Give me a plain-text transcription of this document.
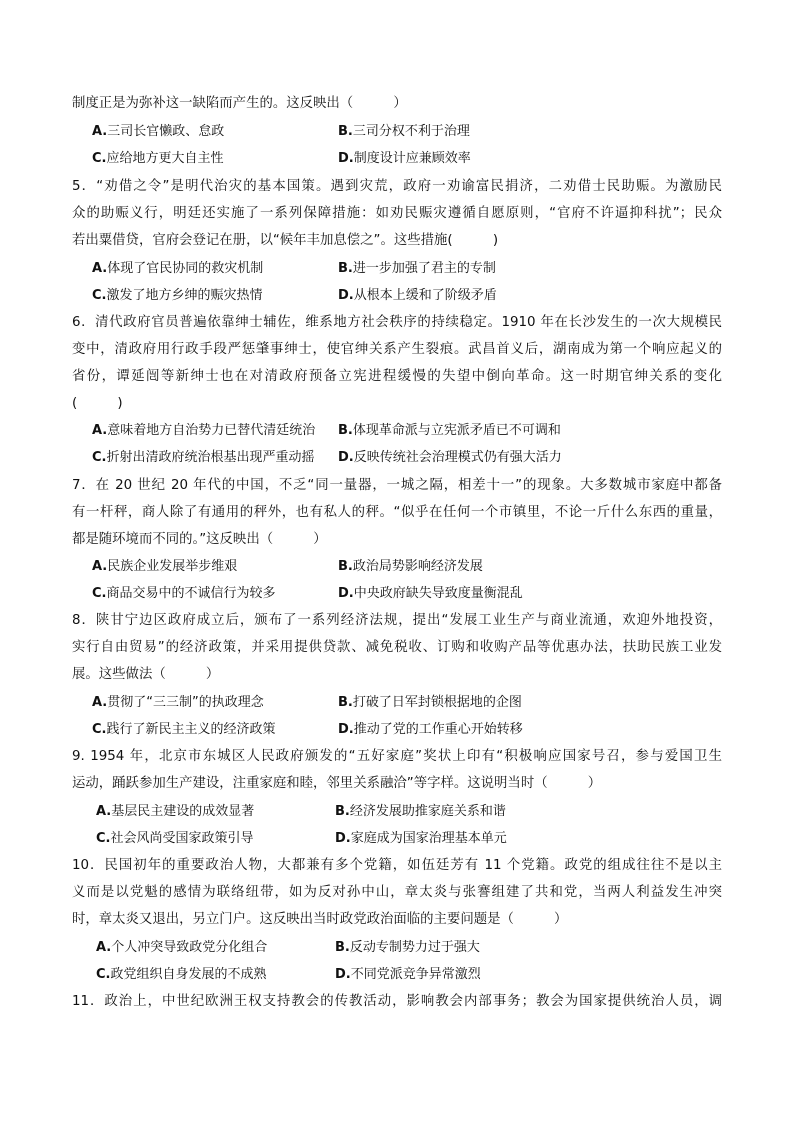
制度正是为弥补这一缺陷而产生的。这反映出（　　　）
A.三司长官懒政、怠政	B.三司分权不利于治理
C.应给地方更大自主性	D.制度设计应兼顾效率
5．“劝借之令”是明代治灾的基本国策。遇到灾荒，政府一劝谕富民捐济，二劝借士民助赈。为激励民
众的助赈义行，明廷还实施了一系列保障措施：如劝民赈灾遵循自愿原则，“官府不许逼抑科扰”；民众
若出粟借贷，官府会登记在册，以“候年丰加息偿之”。这些措施(　　　)
A.体现了官民协同的救灾机制	B.进一步加强了君主的专制
C.激发了地方乡绅的赈灾热情	D.从根本上缓和了阶级矛盾
6．清代政府官员普遍依靠绅士辅佐，维系地方社会秩序的持续稳定。1910 年在长沙发生的一次大规模民
变中，清政府用行政手段严惩肇事绅士，使官绅关系产生裂痕。武昌首义后，湖南成为第一个响应起义的
省份，谭延闿等新绅士也在对清政府预备立宪进程缓慢的失望中倒向革命。这一时期官绅关系的变化
(　　　)
A.意味着地方自治势力已替代清廷统治 B.体现革命派与立宪派矛盾已不可调和
C.折射出清政府统治根基出现严重动摇 D.反映传统社会治理模式仍有强大活力
7．在 20 世纪 20 年代的中国，不乏“同一量器，一城之隔，相差十一”的现象。大多数城市家庭中都备
有一杆秤，商人除了有通用的秤外，也有私人的秤。“似乎在任何一个市镇里，不论一斤什么东西的重量，
都是随环境而不同的。”这反映出（　　　）
A.民族企业发展举步维艰	B.政治局势影响经济发展
C.商品交易中的不诚信行为较多	D.中央政府缺失导致度量衡混乱
8．陕甘宁边区政府成立后，颁布了一系列经济法规，提出“发展工业生产与商业流通，欢迎外地投资，
实行自由贸易”的经济政策，并采用提供贷款、减免税收、订购和收购产品等优惠办法，扶助民族工业发
展。这些做法（　　　）
A.贯彻了“三三制”的执政理念	B.打破了日军封锁根据地的企图
C.践行了新民主主义的经济政策	D.推动了党的工作重心开始转移
9. 1954 年，北京市东城区人民政府颁发的“五好家庭”奖状上印有“积极响应国家号召，参与爱国卫生
运动，踊跃参加生产建设，注重家庭和睦，邻里关系融洽”等字样。这说明当时（　　　）
A.基层民主建设的成效显著	B.经济发展助推家庭关系和谐
C.社会风尚受国家政策引导	D.家庭成为国家治理基本单元
10．民国初年的重要政治人物，大都兼有多个党籍，如伍廷芳有 11 个党籍。政党的组成往往不是以主
义而是以党魁的感情为联络纽带，如为反对孙中山，章太炎与张謇组建了共和党，当两人利益发生冲突
时，章太炎又退出，另立门户。这反映出当时政党政治面临的主要问题是（　　　）
A.个人冲突导致政党分化组合	B.反动专制势力过于强大
C.政党组织自身发展的不成熟	D.不同党派竞争异常激烈
11．政治上，中世纪欧洲王权支持教会的传教活动，影响教会内部事务；教会为国家提供统治人员，调
